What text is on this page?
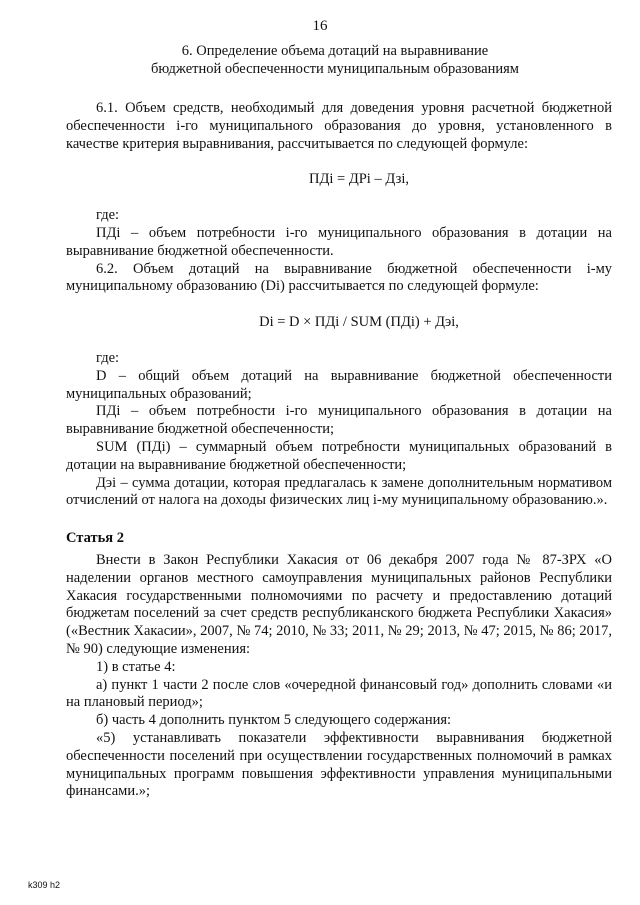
16
6. Определение объема дотаций на выравнивание
бюджетной обеспеченности муниципальным образованиям

6.1. Объем средств, необходимый для доведения уровня расчетной бюджетной обеспеченности i-го муниципального образования до уровня, установленного в качестве критерия выравнивания, рассчитывается по следующей формуле:

ПДi = ДРi – Дзi,

где:

ПДi – объем потребности i-го муниципального образования в дотации на выравнивание бюджетной обеспеченности.

6.2. Объем дотаций на выравнивание бюджетной обеспеченности i-му муниципальному образованию (Di) рассчитывается по следующей формуле:

Di = D × ПДi / SUM (ПДi) + Дэi,

где:

D – общий объем дотаций на выравнивание бюджетной обеспеченности муниципальных образований;

ПДi – объем потребности i-го муниципального образования в дотации на выравнивание бюджетной обеспеченности;

SUM (ПДi) – суммарный объем потребности муниципальных образований в дотации на выравнивание бюджетной обеспеченности;

Дэi – сумма дотации, которая предлагалась к замене дополнительным нормативом отчислений от налога на доходы физических лиц i-му муниципальному образованию.».

Статья 2

Внести в Закон Республики Хакасия от 06 декабря 2007 года № 87-ЗРХ «О наделении органов местного самоуправления муниципальных районов Республики Хакасия государственными полномочиями по расчету и предоставлению дотаций бюджетам поселений за счет средств республиканского бюджета Республики Хакасия» («Вестник Хакасии», 2007, № 74; 2010, № 33; 2011, № 29; 2013, № 47; 2015, № 86; 2017, № 90) следующие изменения:

1) в статье 4:

а) пункт 1 части 2 после слов «очередной финансовый год» дополнить словами «и на плановый период»;

б) часть 4 дополнить пунктом 5 следующего содержания:

«5) устанавливать показатели эффективности выравнивания бюджетной обеспеченности поселений при осуществлении государственных полномочий в рамках муниципальных программ повышения эффективности управления муниципальными финансами.»;

k309 h2
